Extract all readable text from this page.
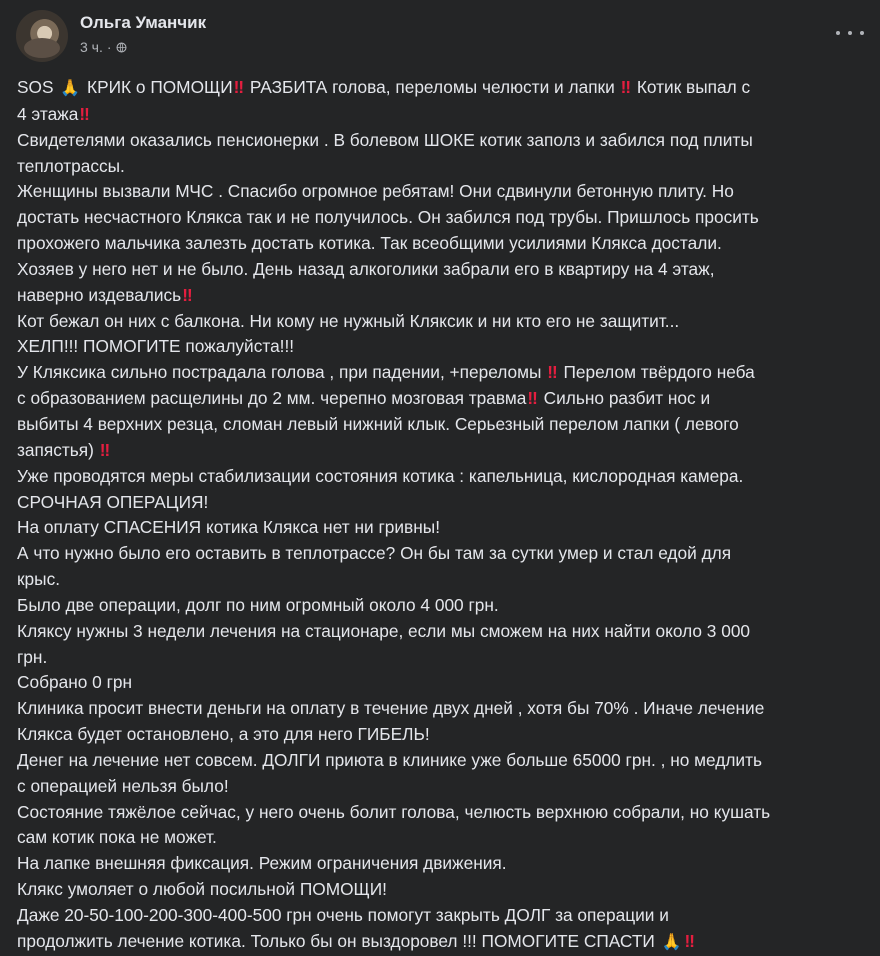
Ольга Уманчик
3 ч. ·
SOS 🙏 КРИК о ПОМОЩИ‼ РАЗБИТА голова, переломы челюсти и лапки ‼ Котик выпал с
4 этажа‼
Свидетелями оказались пенсионерки . В болевом ШОКЕ котик заполз и забился под плиты
теплотрассы.
Женщины вызвали МЧС . Спасибо огромное ребятам! Они сдвинули бетонную плиту. Но
достать несчастного Клякса так и не получилось. Он забился под трубы. Пришлось просить
прохожего мальчика залезть достать котика. Так всеобщими усилиями Клякса достали.
Хозяев у него нет и не было. День назад алкоголики забрали его в квартиру на 4 этаж,
наверно издевались‼
Кот бежал он них с балкона. Ни кому не нужный Кляксик и ни кто его не защитит...
ХЕЛП!!! ПОМОГИТЕ пожалуйста!!!
У Кляксика сильно пострадала голова , при падении, +переломы ‼ Перелом твёрдого неба
с образованием расщелины до 2 мм. черепно мозговая травма‼ Сильно разбит нос и
выбиты 4 верхних резца, сломан левый нижний клык. Серьезный перелом лапки ( левого
запястья) ‼
Уже проводятся меры стабилизации состояния котика : капельница, кислородная камера.
СРОЧНАЯ ОПЕРАЦИЯ!
На оплату СПАСЕНИЯ котика Клякса нет ни гривны!
А что нужно было его оставить в теплотрассе? Он бы там за сутки умер и стал едой для
крыс.
Было две операции, долг по ним огромный около 4 000 грн.
Кляксу нужны 3 недели лечения на стационаре, если мы сможем на них найти около 3 000
грн.
Собрано 0 грн
Клиника просит внести деньги на оплату в течение двух дней , хотя бы 70% . Иначе лечение
Клякса будет остановлено, а это для него ГИБЕЛЬ!
Денег на лечение нет совсем. ДОЛГИ приюта в клинике уже больше 65000 грн. , но медлить
с операцией нельзя было!
Состояние тяжёлое сейчас, у него очень болит голова, челюсть верхнюю собрали, но кушать
сам котик пока не может.
На лапке внешняя фиксация. Режим ограничения движения.
Клякс умоляет о любой посильной ПОМОЩИ!
Даже 20-50-100-200-300-400-500 грн очень помогут закрыть ДОЛГ за операции и
продолжить лечение котика. Только бы он выздоровел !!! ПОМОГИТЕ СПАСТИ 🙏 ‼
